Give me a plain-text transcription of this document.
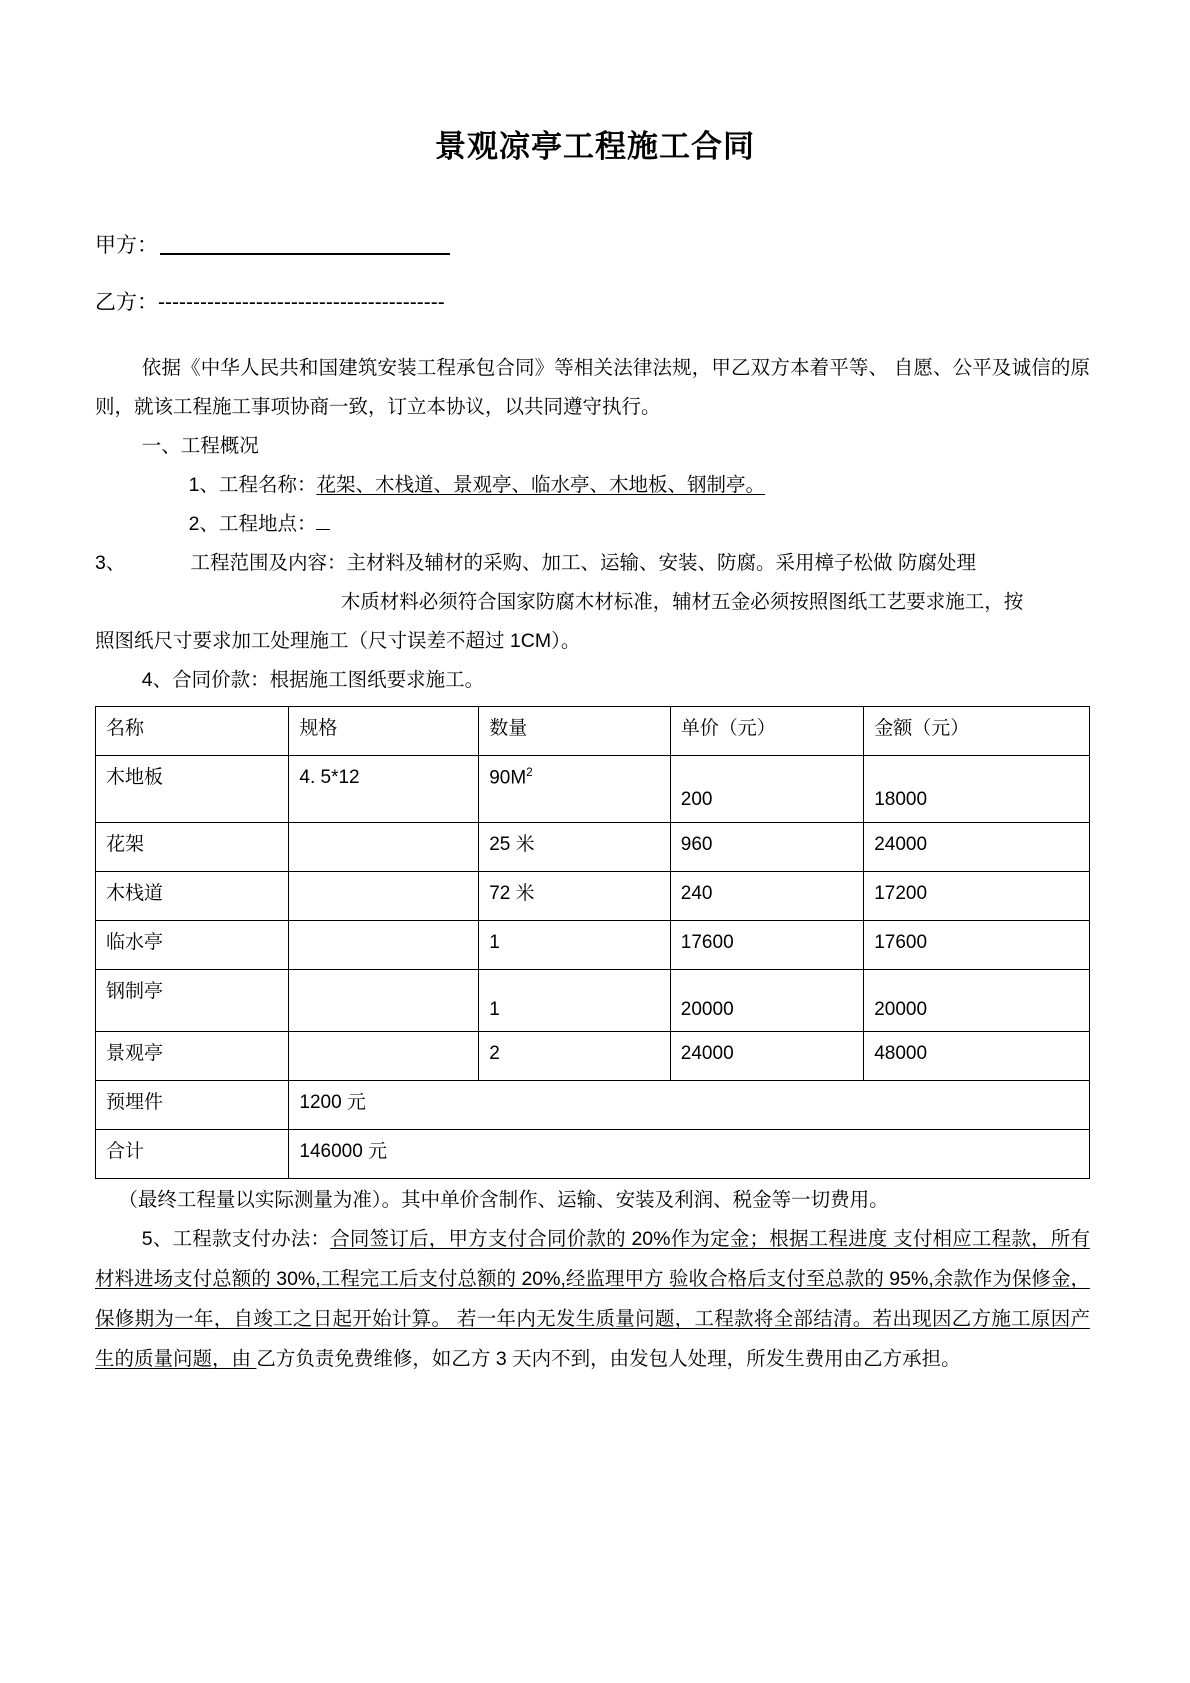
景观凉亭工程施工合同
甲方：
乙方：-----------------------------------------

依据《中华人民共和国建筑安装工程承包合同》等相关法律法规，甲乙双方本着平等、 自愿、公平及诚信的原则，就该工程施工事项协商一致，订立本协议，以共同遵守执行。

一、工程概况

1、工程名称：花架、木栈道、景观亭、临水亭、木地板、钢制亭。

2、工程地点：

3、	工程范围及内容：主材料及辅材的采购、加工、运输、安装、防腐。采用樟子松做 防腐处理

木质材料必须符合国家防腐木材标准，辅材五金必须按照图纸工艺要求施工，按

照图纸尺寸要求加工处理施工（尺寸误差不超过 1CM）。

4、合同价款：根据施工图纸要求施工。

名称	规格	数量	单价（元）	金额（元）
木地板	4. 5*12	$90M^2$	200	18000

花架		25 米	960	24000
木栈道		72 米	240	17200
临水亭		1	17600	17600
钢制亭		1	20000	20000

景观亭		2	24000	48000
预埋件	1200 元			
合计	146000 元			

（最终工程量以实际测量为准）。其中单价含制作、运输、安装及利润、税金等一切费用。

5、工程款支付办法：合同签订后，甲方支付合同价款的 20%作为定金；根据工程进度 支付相应工程款，所有材料进场支付总额的 30%,工程完工后支付总额的 20%,经监理甲方 验收合格后支付至总款的 95%,余款作为保修金，保修期为一年，自竣工之日起开始计算。 若一年内无发生质量问题，工程款将全部结清。若出现因乙方施工原因产生的质量问题，由 乙方负责免费维修，如乙方 3 天内不到，由发包人处理，所发生费用由乙方承担。
